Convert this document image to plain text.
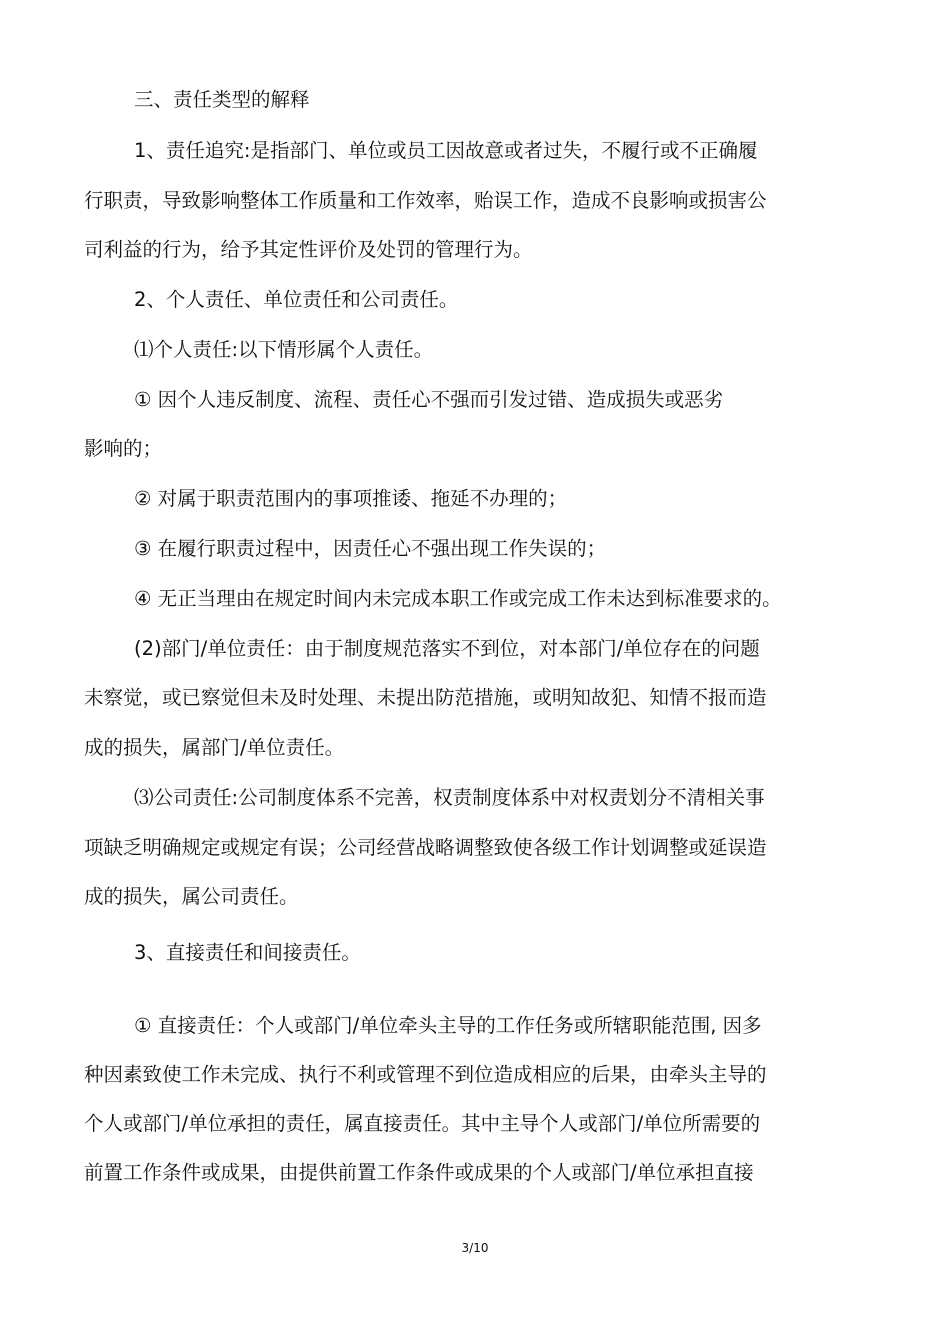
三、责任类型的解释
1、责任追究:是指部门、单位或员工因故意或者过失，不履行或不正确履
行职责，导致影响整体工作质量和工作效率，贻误工作，造成不良影响或损害公
司利益的行为，给予其定性评价及处罚的管理行为。
2、个人责任、单位责任和公司责任。
⑴个人责任:以下情形属个人责任。
① 因个人违反制度、流程、责任心不强而引发过错、造成损失或恶劣
影响的；
② 对属于职责范围内的事项推诿、拖延不办理的；
③ 在履行职责过程中，因责任心不强出现工作失误的；
④ 无正当理由在规定时间内未完成本职工作或完成工作未达到标准要求的。
(2)部门/单位责任：由于制度规范落实不到位，对本部门/单位存在的问题
未察觉，或已察觉但未及时处理、未提出防范措施，或明知故犯、知情不报而造
成的损失，属部门/单位责任。
⑶公司责任:公司制度体系不完善，权责制度体系中对权责划分不清相关事
项缺乏明确规定或规定有误；公司经营战略调整致使各级工作计划调整或延误造
成的损失，属公司责任。
3、直接责任和间接责任。
① 直接责任：个人或部门/单位牵头主导的工作任务或所辖职能范围, 因多
种因素致使工作未完成、执行不利或管理不到位造成相应的后果，由牵头主导的
个人或部门/单位承担的责任，属直接责任。其中主导个人或部门/单位所需要的
前置工作条件或成果，由提供前置工作条件或成果的个人或部门/单位承担直接
3/10
